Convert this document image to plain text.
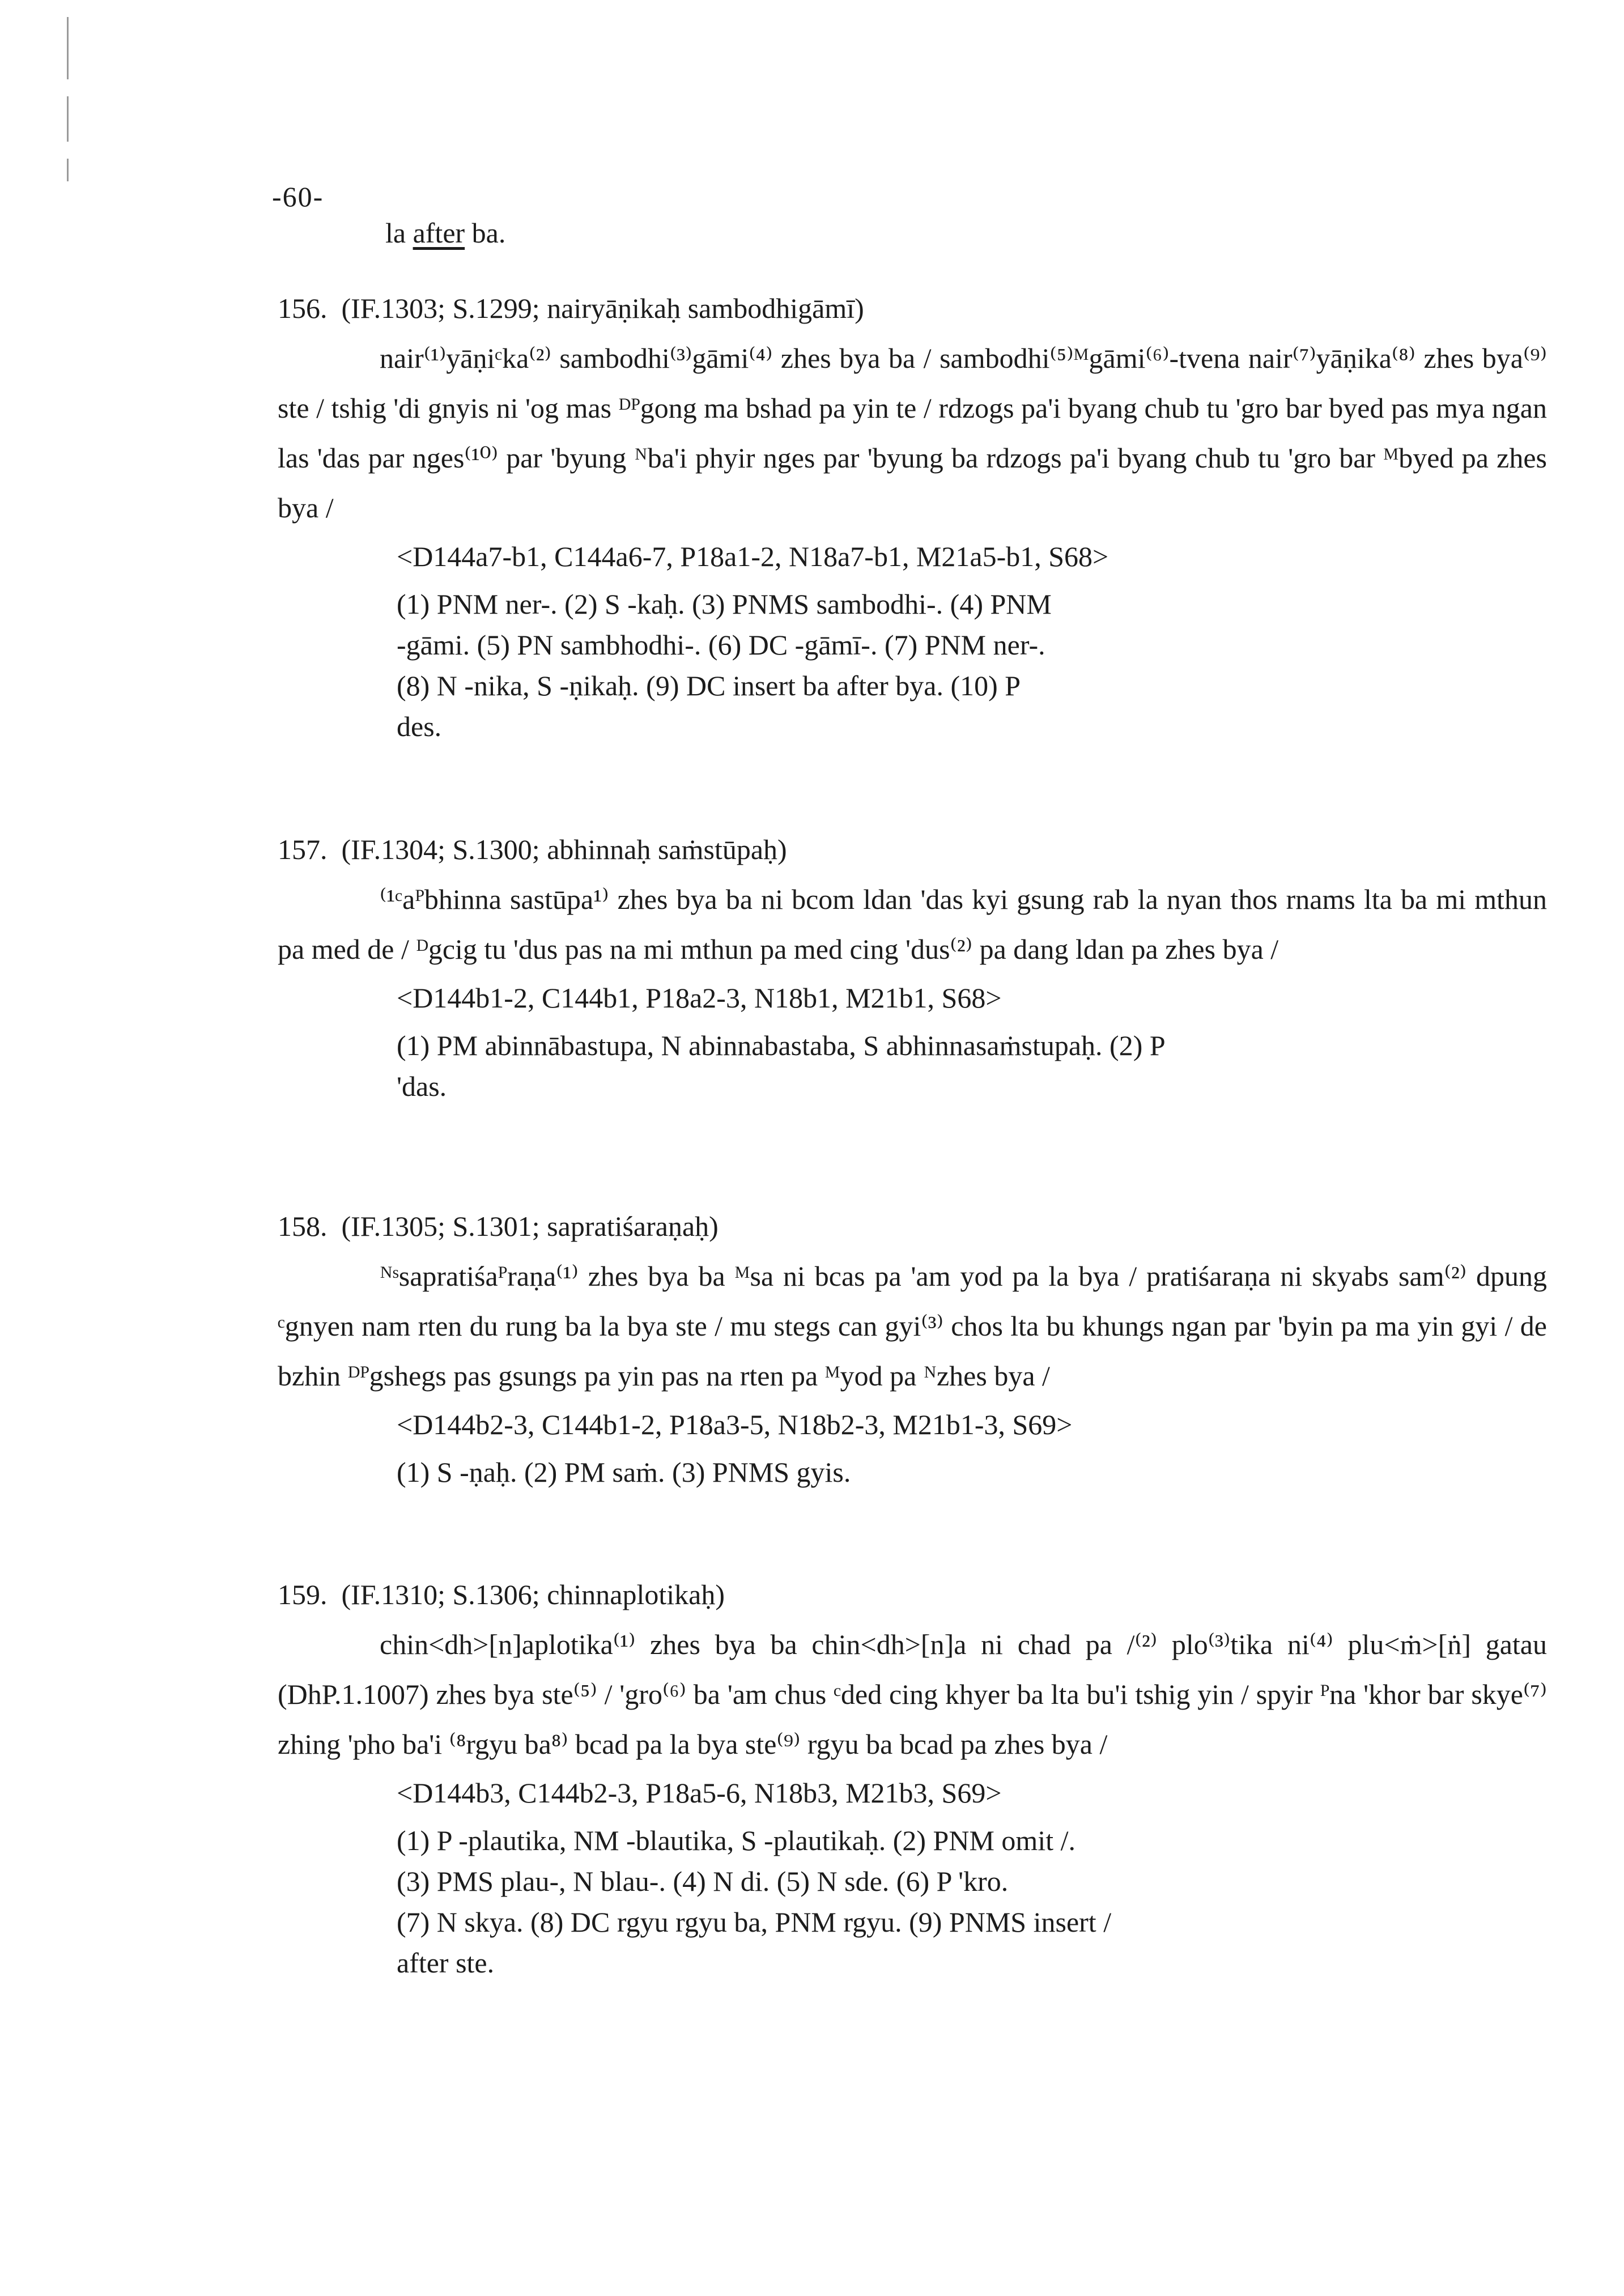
-60-
la after ba.
156. (IF.1303; S.1299; nairyāṇikaḥ sambodhigāmī)

nair⁽¹⁾yāṇiᶜka⁽²⁾ sambodhi⁽³⁾gāmi⁽⁴⁾ zhes bya ba / sambodhi⁽⁵⁾ᴹgāmi⁽⁶⁾-tvena nair⁽⁷⁾yāṇika⁽⁸⁾ zhes bya⁽⁹⁾ ste / tshig 'di gnyis ni 'og mas ᴰᴾgong ma bshad pa yin te / rdzogs pa'i byang chub tu 'gro bar byed pas mya ngan las 'das par nges⁽¹⁰⁾ par 'byung ᴺba'i phyir nges par 'byung ba rdzogs pa'i byang chub tu 'gro bar ᴹbyed pa zhes bya /

<D144a7-b1, C144a6-7, P18a1-2, N18a7-b1, M21a5-b1, S68>
(1) PNM ner-. (2) S -kaḥ. (3) PNMS sambodhi-. (4) PNM
-gāmi. (5) PN sambhodhi-. (6) DC -gāmī-. (7) PNM ner-.
(8) N -nika, S -ṇikaḥ. (9) DC insert ba after bya. (10) P
des.
157. (IF.1304; S.1300; abhinnaḥ saṁstūpaḥ)

⁽¹ᶜaᴾbhinna sastūpa¹⁾ zhes bya ba ni bcom ldan 'das kyi gsung rab la nyan thos rnams lta ba mi mthun pa med de / ᴰgcig tu 'dus pas na mi mthun pa med cing 'dus⁽²⁾ pa dang ldan pa zhes bya /

<D144b1-2, C144b1, P18a2-3, N18b1, M21b1, S68>
(1) PM abinnābastupa, N abinnabastaba, S abhinnasaṁstupaḥ. (2) P
'das.
158. (IF.1305; S.1301; sapratiśaraṇaḥ)

ᴺˢsapratiśaᴾraṇa⁽¹⁾ zhes bya ba ᴹsa ni bcas pa 'am yod pa la bya / pratiśaraṇa ni skyabs sam⁽²⁾ dpung ᶜgnyen nam rten du rung ba la bya ste / mu stegs can gyi⁽³⁾ chos lta bu khungs ngan par 'byin pa ma yin gyi / de bzhin ᴰᴾgshegs pas gsungs pa yin pas na rten pa ᴹyod pa ᴺzhes bya /

<D144b2-3, C144b1-2, P18a3-5, N18b2-3, M21b1-3, S69>
(1) S -ṇaḥ. (2) PM saṁ. (3) PNMS gyis.
159. (IF.1310; S.1306; chinnaplotikaḥ)

chin<dh>[n]aplotika⁽¹⁾ zhes bya ba chin<dh>[n]a ni chad pa /⁽²⁾ plo⁽³⁾tika ni⁽⁴⁾ plu<ṁ>[ṅ] gatau (DhP.1.1007) zhes bya ste⁽⁵⁾ / 'gro⁽⁶⁾ ba 'am chus ᶜded cing khyer ba lta bu'i tshig yin / spyir ᴾna 'khor bar skye⁽⁷⁾ zhing 'pho ba'i ⁽⁸rgyu ba⁸⁾ bcad pa la bya ste⁽⁹⁾ rgyu ba bcad pa zhes bya /

<D144b3, C144b2-3, P18a5-6, N18b3, M21b3, S69>
(1) P -plautika, NM -blautika, S -plautikaḥ. (2) PNM omit /.
(3) PMS plau-, N blau-. (4) N di. (5) N sde. (6) P 'kro.
(7) N skya. (8) DC rgyu rgyu ba, PNM rgyu. (9) PNMS insert /
after ste.
